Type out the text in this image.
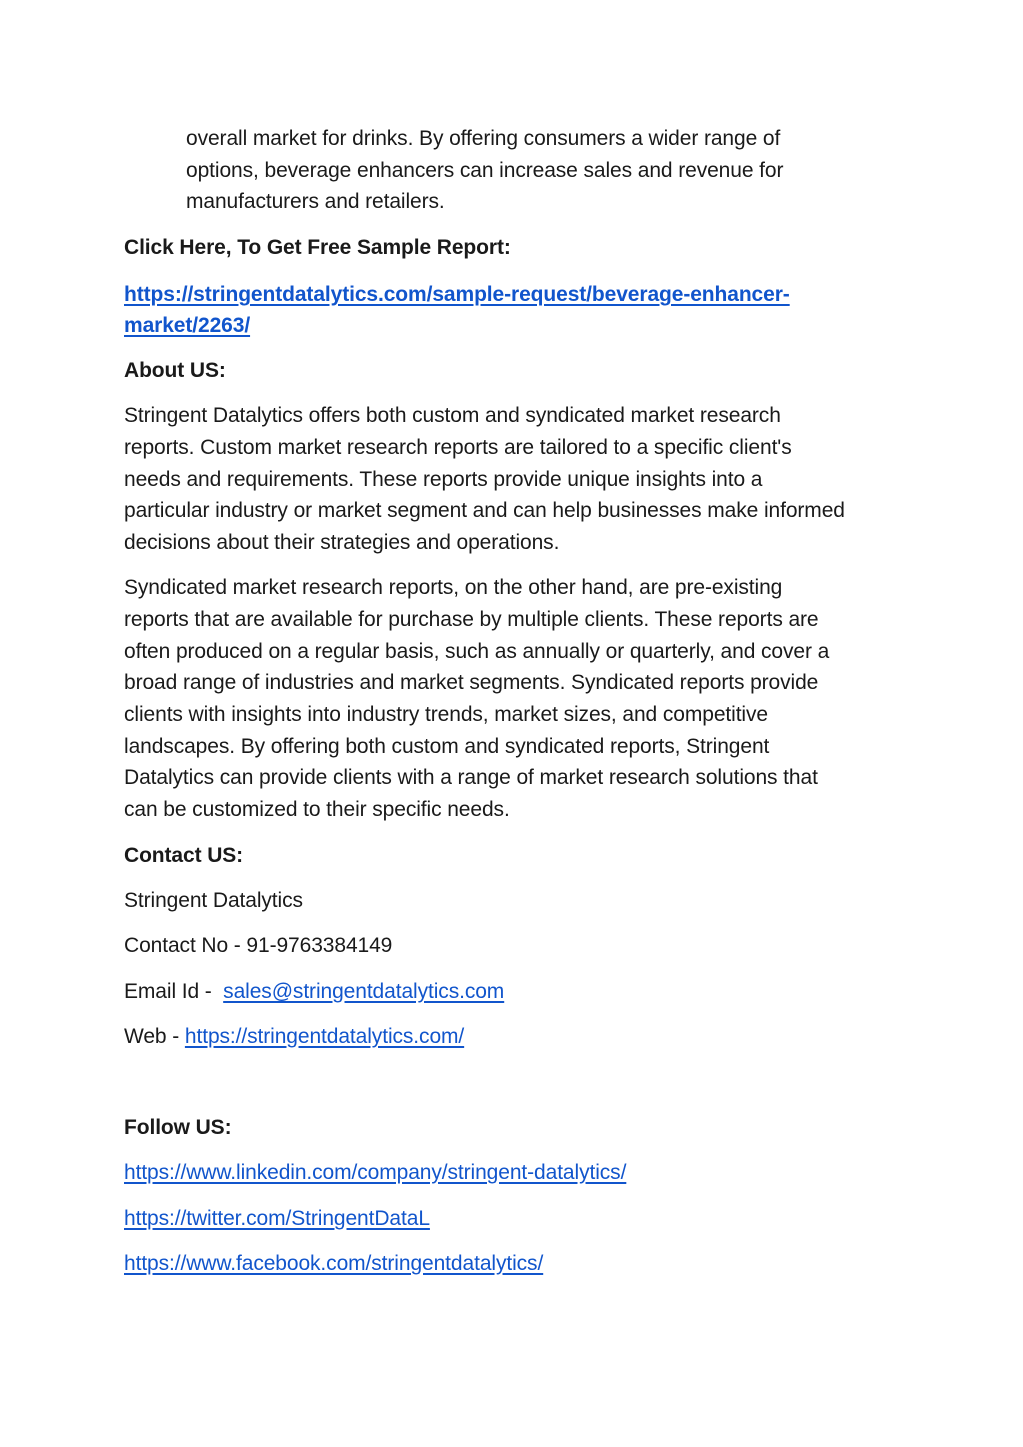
overall market for drinks. By offering consumers a wider range of
options, beverage enhancers can increase sales and revenue for
manufacturers and retailers.
Click Here, To Get Free Sample Report:
https://stringentdatalytics.com/sample-request/beverage-enhancer-
market/2263/
About US:
Stringent Datalytics offers both custom and syndicated market research
reports. Custom market research reports are tailored to a specific client's
needs and requirements. These reports provide unique insights into a
particular industry or market segment and can help businesses make informed
decisions about their strategies and operations.
Syndicated market research reports, on the other hand, are pre-existing
reports that are available for purchase by multiple clients. These reports are
often produced on a regular basis, such as annually or quarterly, and cover a
broad range of industries and market segments. Syndicated reports provide
clients with insights into industry trends, market sizes, and competitive
landscapes. By offering both custom and syndicated reports, Stringent
Datalytics can provide clients with a range of market research solutions that
can be customized to their specific needs.
Contact US:
Stringent Datalytics
Contact No - 91-9763384149
Email Id - sales@stringentdatalytics.com
Web - https://stringentdatalytics.com/
Follow US:
https://www.linkedin.com/company/stringent-datalytics/
https://twitter.com/StringentDataL
https://www.facebook.com/stringentdatalytics/
